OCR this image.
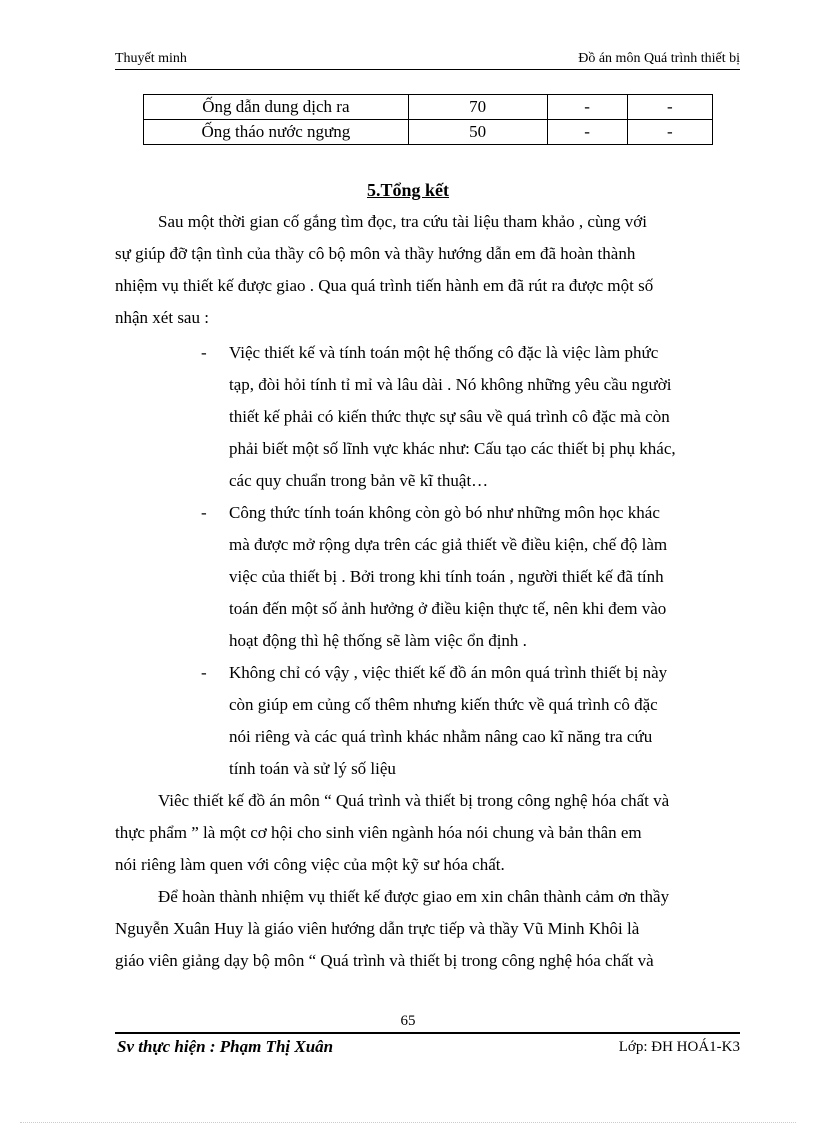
Thuyết minh	Đồ án môn Quá trình thiết bị
Ống dẫn dung dịch ra	70	-	-
Ống tháo nước ngưng	50	-	-
5.Tổng kết
Sau một thời gian cố gắng tìm đọc, tra cứu tài liệu tham khảo , cùng với
sự giúp đỡ tận tình của thầy cô bộ môn và thầy hướng dẫn em đã hoàn thành
nhiệm vụ thiết kế được giao . Qua quá trình tiến hành em đã rút ra được một số
nhận xét sau :
- Việc thiết kế và tính toán một hệ thống cô đặc là việc làm phức
tạp, đòi hỏi tính tỉ mỉ và lâu dài . Nó không những yêu cầu người
thiết kế phải có kiến thức thực sự sâu về quá trình cô đặc mà còn
phải biết một số lĩnh vực khác như: Cấu tạo các thiết bị phụ khác,
các quy chuẩn trong bản vẽ kĩ thuật…
- Công thức tính toán không còn gò bó như những môn học khác
mà được mở rộng dựa trên các giả thiết về điều kiện, chế độ làm
việc của thiết bị . Bởi trong khi tính toán , người thiết kế đã tính
toán đến một số ảnh hưởng ở điều kiện thực tế, nên khi đem vào
hoạt động thì hệ thống sẽ làm việc ổn định .
- Không chỉ có vậy , việc thiết kế đồ án môn quá trình thiết bị này
còn giúp em củng cố thêm nhưng kiến thức về quá trình cô đặc
nói riêng và các quá trình khác nhằm nâng cao kĩ năng tra cứu
tính toán và sử lý số liệu
Viêc thiết kế đồ án môn “ Quá trình và thiết bị trong công nghệ hóa chất và
thực phẩm ” là một cơ hội cho sinh viên ngành hóa nói chung và bản thân em
nói riêng làm quen với công việc của một kỹ sư hóa chất.
Để hoàn thành nhiệm vụ thiết kế được giao em xin chân thành cảm ơn thầy
Nguyễn Xuân Huy là giáo viên hướng dẫn trực tiếp và thầy Vũ Minh Khôi là
giáo viên giảng dạy bộ môn “ Quá trình và thiết bị trong công nghệ hóa chất và
65
Sv thực hiện : Phạm Thị Xuân	Lớp: ĐH HOÁ1-K3
